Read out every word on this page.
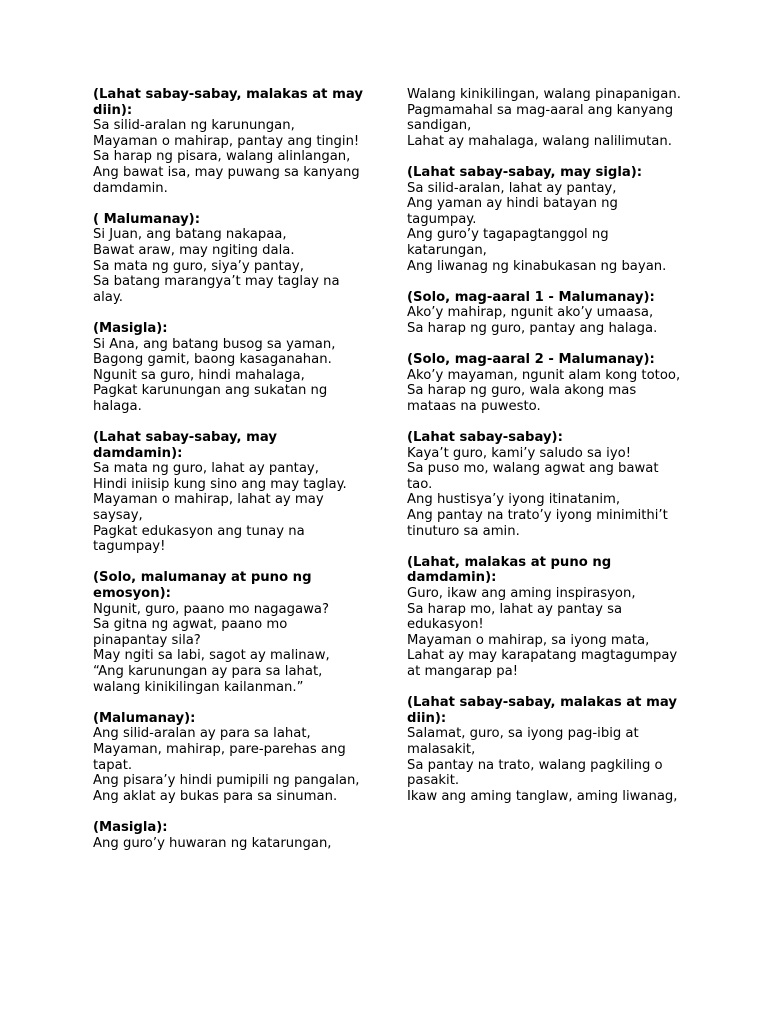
(Lahat sabay-sabay, malakas at may diin):
Sa silid-aralan ng karunungan,
Mayaman o mahirap, pantay ang tingin!
Sa harap ng pisara, walang alinlangan,
Ang bawat isa, may puwang sa kanyang damdamin.
( Malumanay):
Si Juan, ang batang nakapaa,
Bawat araw, may ngiting dala.
Sa mata ng guro, siya’y pantay,
Sa batang marangya’t may taglay na alay.
(Masigla):
Si Ana, ang batang busog sa yaman,
Bagong gamit, baong kasaganahan.
Ngunit sa guro, hindi mahalaga,
Pagkat karunungan ang sukatan ng halaga.
(Lahat sabay-sabay, may damdamin):
Sa mata ng guro, lahat ay pantay,
Hindi iniisip kung sino ang may taglay.
Mayaman o mahirap, lahat ay may saysay,
Pagkat edukasyon ang tunay na tagumpay!
(Solo, malumanay at puno ng emosyon):
Ngunit, guro, paano mo nagagawa?
Sa gitna ng agwat, paano mo pinapantay sila?
May ngiti sa labi, sagot ay malinaw,
“Ang karunungan ay para sa lahat, walang kinikilingan kailanman.”
(Malumanay):
Ang silid-aralan ay para sa lahat,
Mayaman, mahirap, pare-parehas ang tapat.
Ang pisara’y hindi pumipili ng pangalan,
Ang aklat ay bukas para sa sinuman.
(Masigla):
Ang guro’y huwaran ng katarungan,
Walang kinikilingan, walang pinapanigan.
Pagmamahal sa mag-aaral ang kanyang sandigan,
Lahat ay mahalaga, walang nalilimutan.
(Lahat sabay-sabay, may sigla):
Sa silid-aralan, lahat ay pantay,
Ang yaman ay hindi batayan ng tagumpay.
Ang guro’y tagapagtanggol ng katarungan,
Ang liwanag ng kinabukasan ng bayan.
(Solo, mag-aaral 1 - Malumanay):
Ako’y mahirap, ngunit ako’y umaasa,
Sa harap ng guro, pantay ang halaga.
(Solo, mag-aaral 2 - Malumanay):
Ako’y mayaman, ngunit alam kong totoo,
Sa harap ng guro, wala akong mas mataas na puwesto.
(Lahat sabay-sabay):
Kaya’t guro, kami’y saludo sa iyo!
Sa puso mo, walang agwat ang bawat tao.
Ang hustisya’y iyong itinatanim,
Ang pantay na trato’y iyong minimithi’t tinuturo sa amin.
(Lahat, malakas at puno ng damdamin):
Guro, ikaw ang aming inspirasyon,
Sa harap mo, lahat ay pantay sa edukasyon!
Mayaman o mahirap, sa iyong mata,
Lahat ay may karapatang magtagumpay at mangarap pa!
(Lahat sabay-sabay, malakas at may diin):
Salamat, guro, sa iyong pag-ibig at malasakit,
Sa pantay na trato, walang pagkiling o pasakit.
Ikaw ang aming tanglaw, aming liwanag,
